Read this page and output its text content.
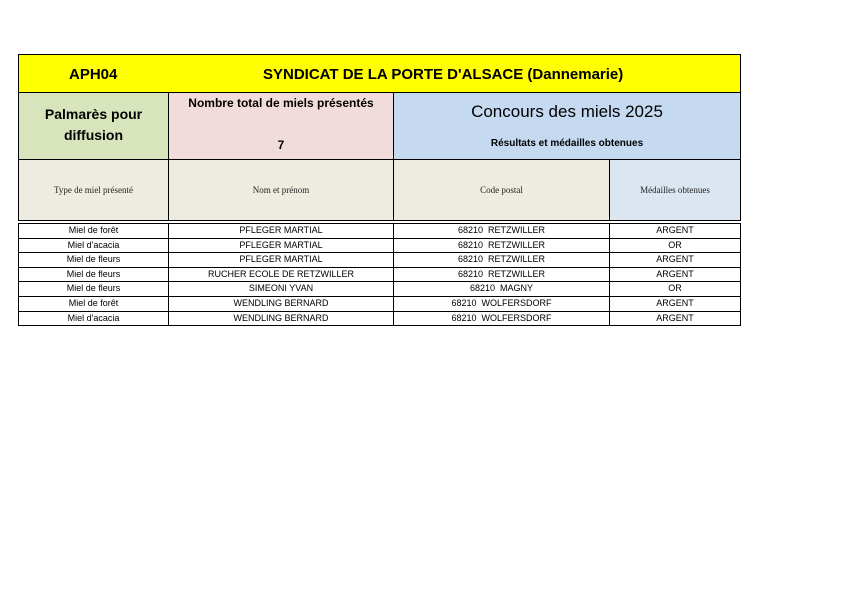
APH04	SYNDICAT DE LA PORTE D'ALSACE (Dannemarie)
Palmarès pour
diffusion
Nombre total de miels présentés
7
Concours des miels 2025
Résultats et médailles obtenues
Type de miel présenté	Nom et prénom	Code postal	Médailles obtenues
Miel de forêt	PFLEGER MARTIAL	68210  RETZWILLER	ARGENT
Miel d'acacia	PFLEGER MARTIAL	68210  RETZWILLER	OR
Miel de fleurs	PFLEGER MARTIAL	68210  RETZWILLER	ARGENT
Miel de fleurs	RUCHER ECOLE DE RETZWILLER	68210  RETZWILLER	ARGENT
Miel de fleurs	SIMEONI YVAN	68210  MAGNY	OR
Miel de forêt	WENDLING BERNARD	68210  WOLFERSDORF	ARGENT
Miel d'acacia	WENDLING BERNARD	68210  WOLFERSDORF	ARGENT
